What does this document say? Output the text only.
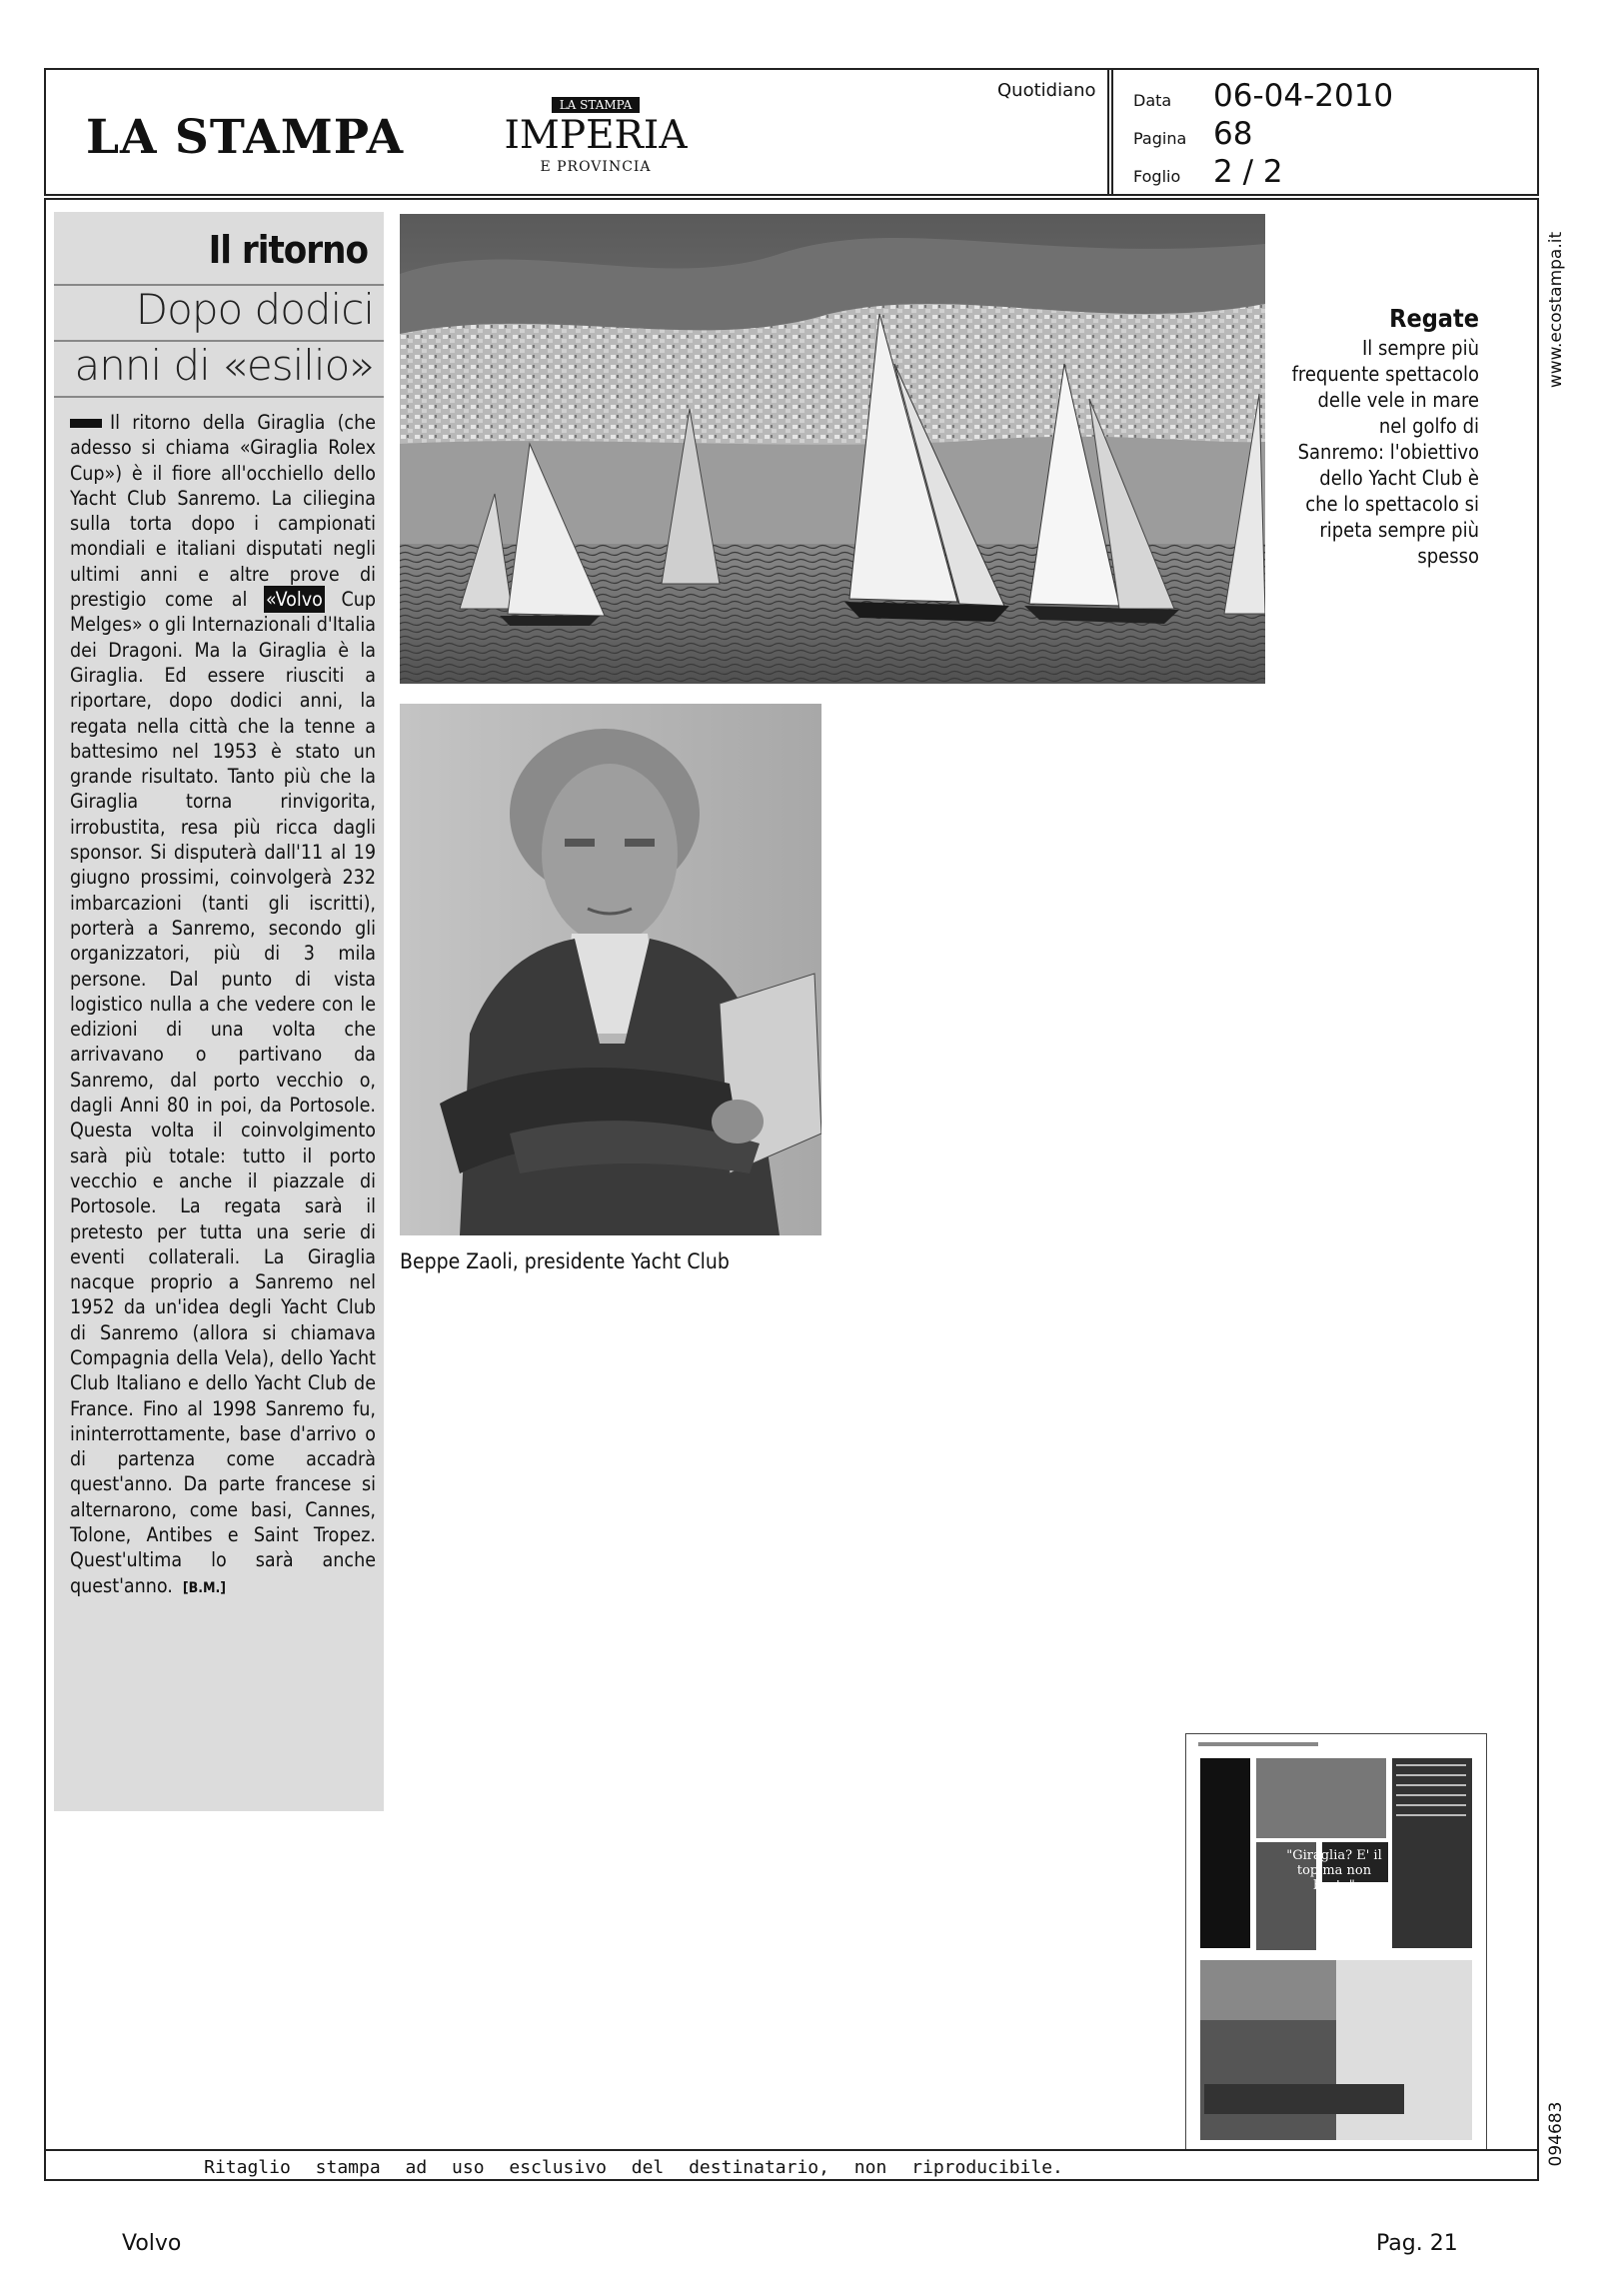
LA STAMPA
LA STAMPA
IMPERIA
E PROVINCIA
Quotidiano Data	06-04-2010
Pagina 68
Foglio	2 / 2
Il ritorno
Dopo dodici
anni di «esilio»
Il ritorno della Giraglia (che adesso si chiama «Giraglia Rolex Cup») è il fiore all'occhiello dello Yacht Club Sanremo. La ciliegina sulla torta dopo i campionati mondiali e italiani disputati negli ultimi anni e altre prove di prestigio come al «Volvo Cup Melges» o gli Internazionali d'Italia dei Dragoni. Ma la Giraglia è la Giraglia. Ed essere riusciti a riportare, dopo dodici anni, la regata nella città che la tenne a battesimo nel 1953 è stato un grande risultato. Tanto più che la Giraglia torna rinvigorita, irrobustita, resa più ricca dagli sponsor. Si disputerà dall'11 al 19 giugno prossimi, coinvolgerà 232 imbarcazioni (tanti gli iscritti), porterà a Sanremo, secondo gli organizzatori, più di 3 mila persone. Dal punto di vista logistico nulla a che vedere con le edizioni di una volta che arrivavano o partivano da Sanremo, dal porto vecchio o, dagli Anni 80 in poi, da Portosole. Questa volta il coinvolgimento sarà più totale: tutto il porto vecchio e anche il piazzale di Portosole. La regata sarà il pretesto per tutta una serie di eventi collaterali. La Giraglia nacque proprio a Sanremo nel 1952 da un'idea degli Yacht Club di Sanremo (allora si chiamava Compagnia della Vela), dello Yacht Club Italiano e dello Yacht Club de France. Fino al 1998 Sanremo fu, ininterrottamente, base d'arrivo o di partenza come accadrà quest'anno. Da parte francese si alternarono, come basi, Cannes, Tolone, Antibes e Saint Tropez. Quest'ultima lo sarà anche quest'anno. [B.M.]
Beppe Zaoli, presidente Yacht Club
Regate
Il sempre più frequente spettacolo delle vele in mare nel golfo di Sanremo: l'obiettivo dello Yacht Club è che lo spettacolo si ripeta sempre più spesso
www.ecostampa.it
094683
"Giraglia? E' il top ma non basta"
Ritaglio stampa ad uso esclusivo del destinatario, non riproducibile.
Volvo	Pag. 21
